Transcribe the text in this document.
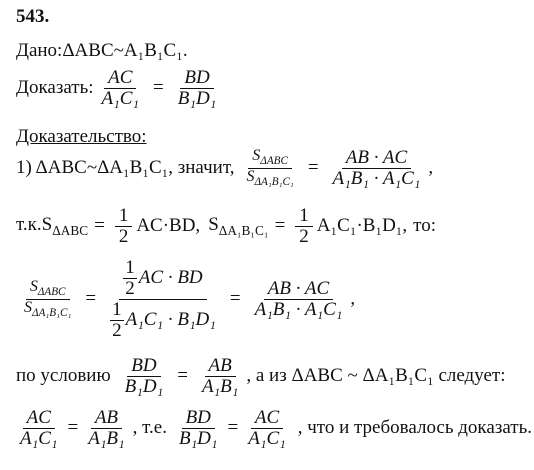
543.
Дано: ΔABC~A₁B₁C₁.
Доказать: $\frac{AC}{\text{A₁C₁}} = \frac{BD}{\text{B₁D₁}}$
Доказательство:
1) ΔABC~ΔA₁B₁C₁, значит, $\frac{S_{\Delta ABC}}{S_{\Delta A_1B_1C_1}} = \frac{AB \cdot AC}{\text{A₁B₁ · A₁C₁}}$ ,
$т.к.S_{\Delta ABC} = \frac{1}{2} AC\cdot BD$, $S_{\Delta A_1B_1C_1} = \frac{1}{2} A_1C_1\cdot B_1D_1$, то:
$\frac{S_{\Delta ABC}}{S_{\Delta A_1B_1C_1}} = \frac{\frac{1}{2} AC \cdot BD}{\frac{1}{2} A_1C_1 \cdot B_1D_1} = \frac{AB \cdot AC}{\text{A₁B₁ · A₁C₁}}$ ,
по условию $\frac{BD}{\text{B₁D₁}} = \frac{AB}{\text{A₁B₁}}$ , а из ΔABC ~ ΔA₁B₁C₁ следует:
$\frac{AC}{\text{A₁C₁}} = \frac{AB}{\text{A₁B₁}}$ , т.е. $\frac{BD}{\text{B₁D₁}} = \frac{AC}{\text{A₁C₁}}$ , что и требовалось доказать.
